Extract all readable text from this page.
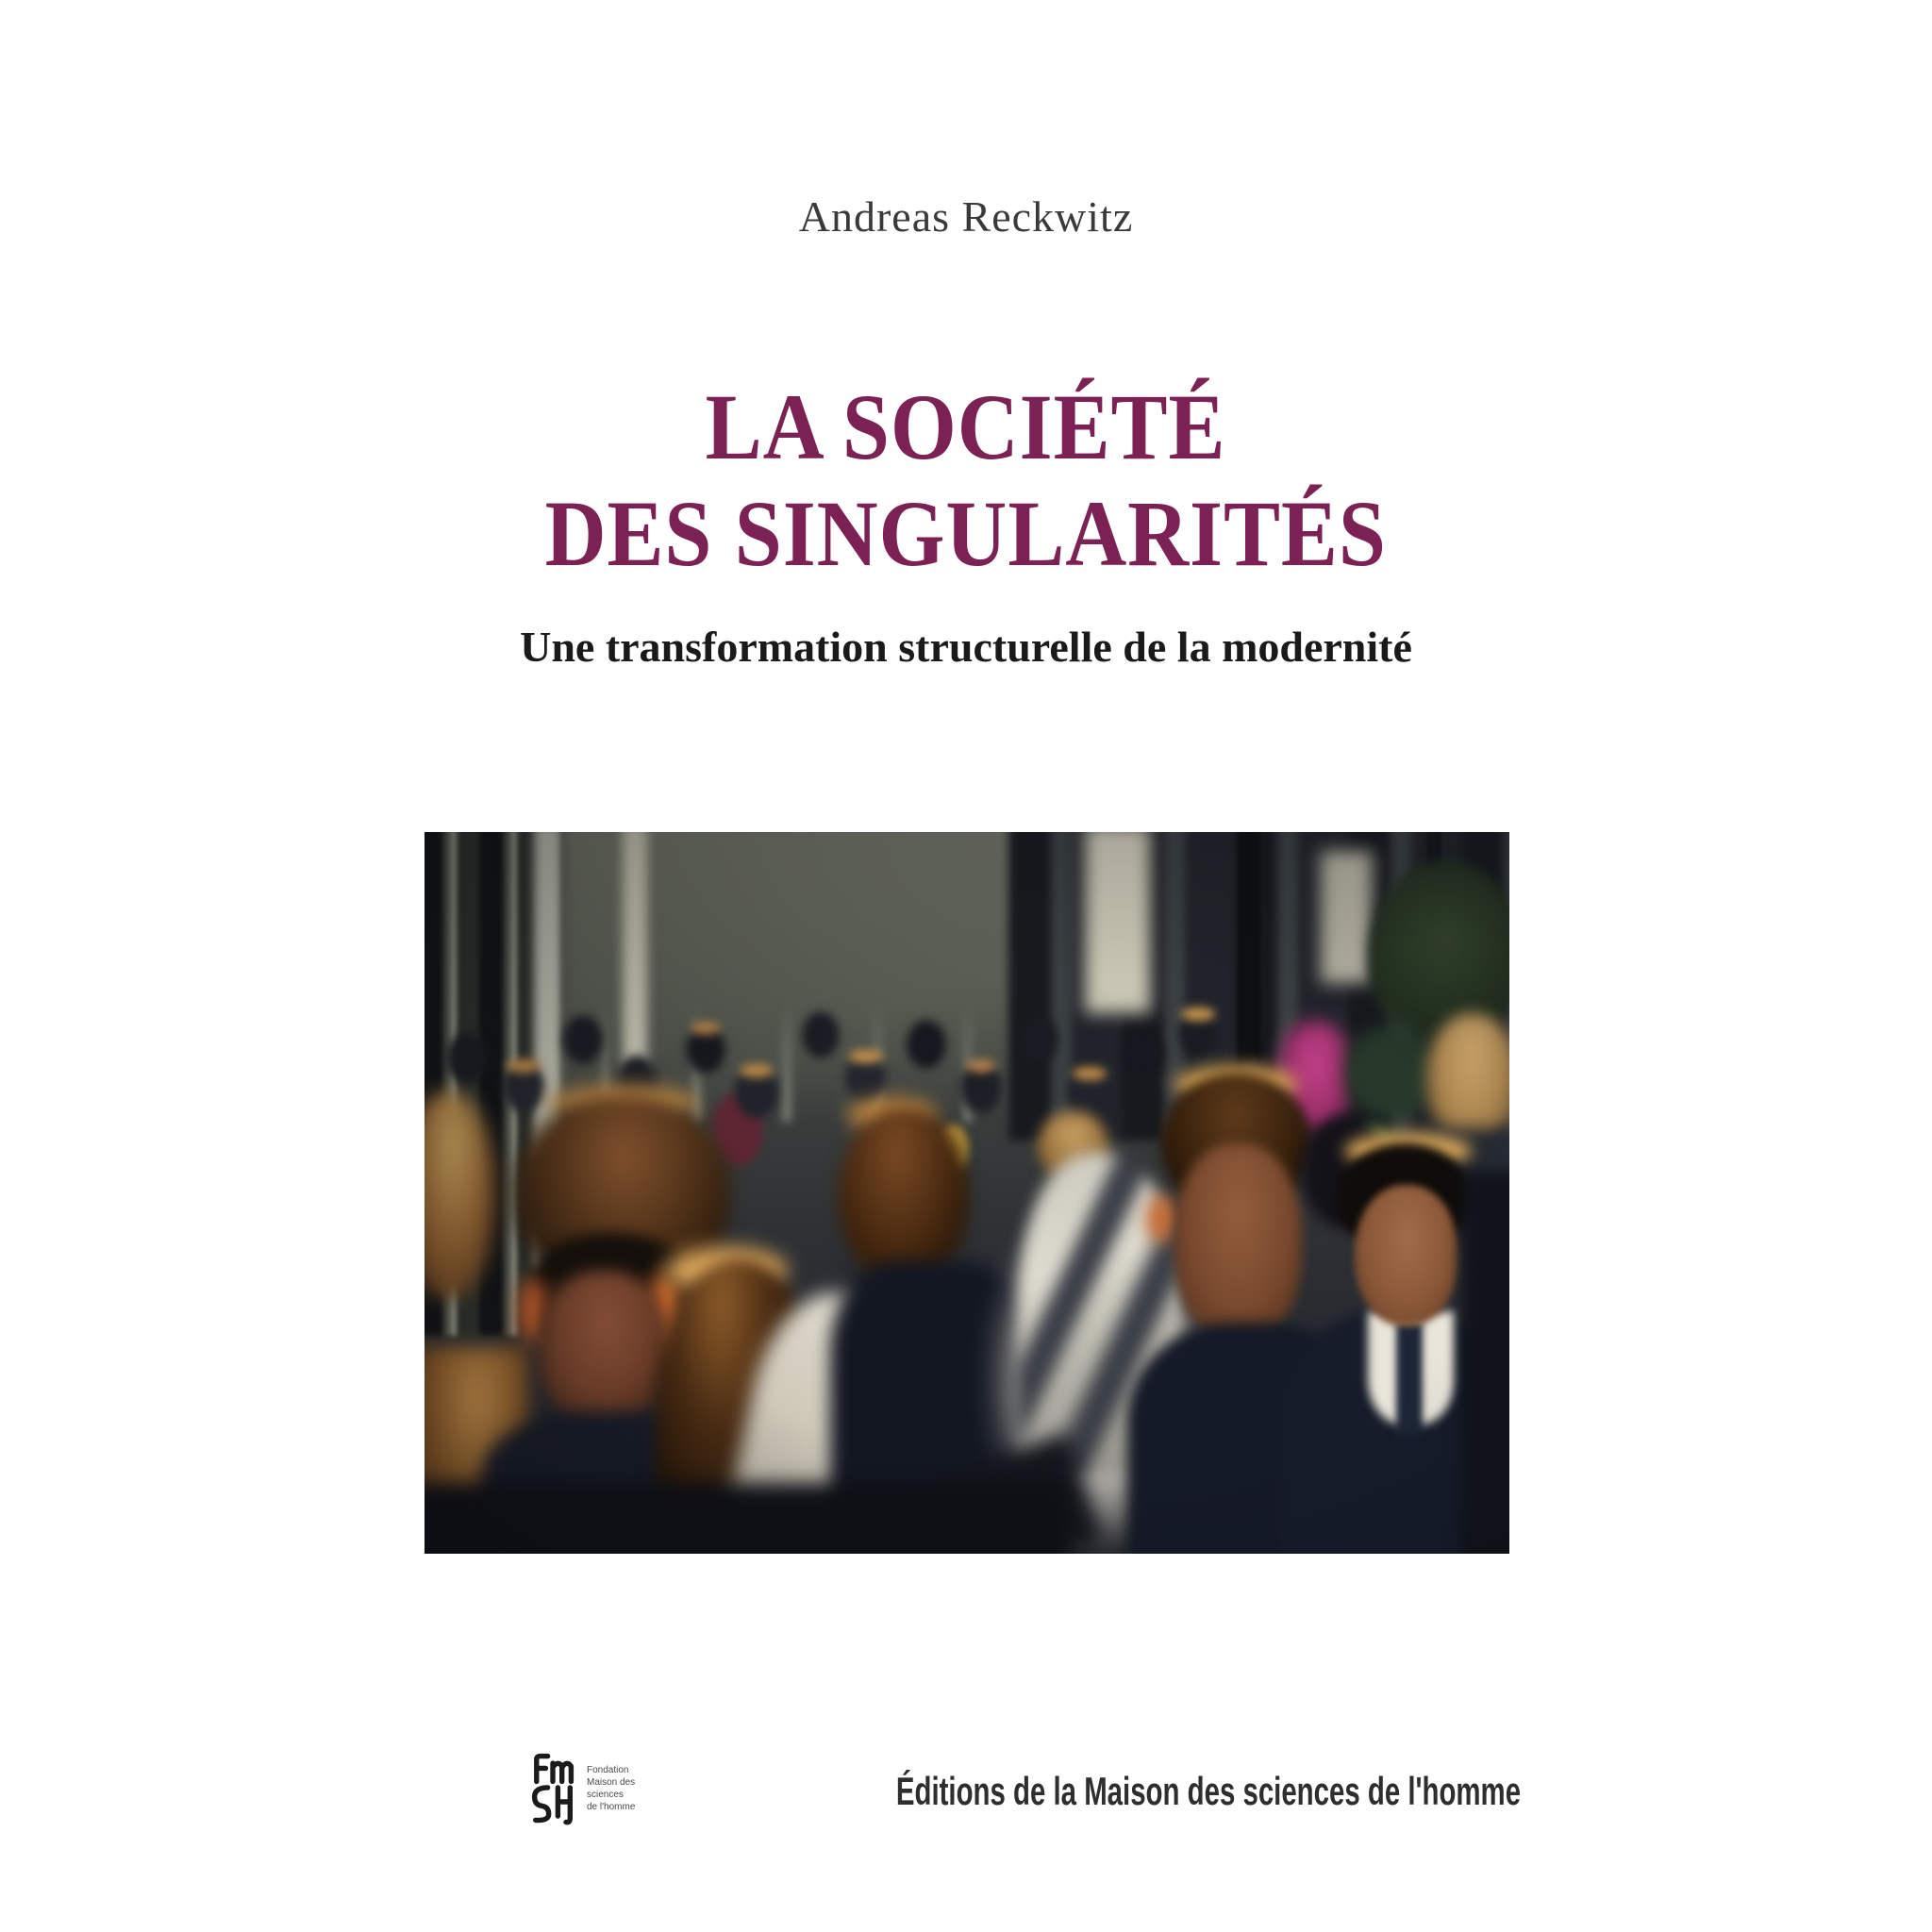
Andreas Reckwitz
LA SOCIÉTÉ
DES SINGULARITÉS
Une transformation structurelle de la modernité
Fondation
Maison des
sciences
de l'homme	Éditions de la Maison des sciences de l'homme
